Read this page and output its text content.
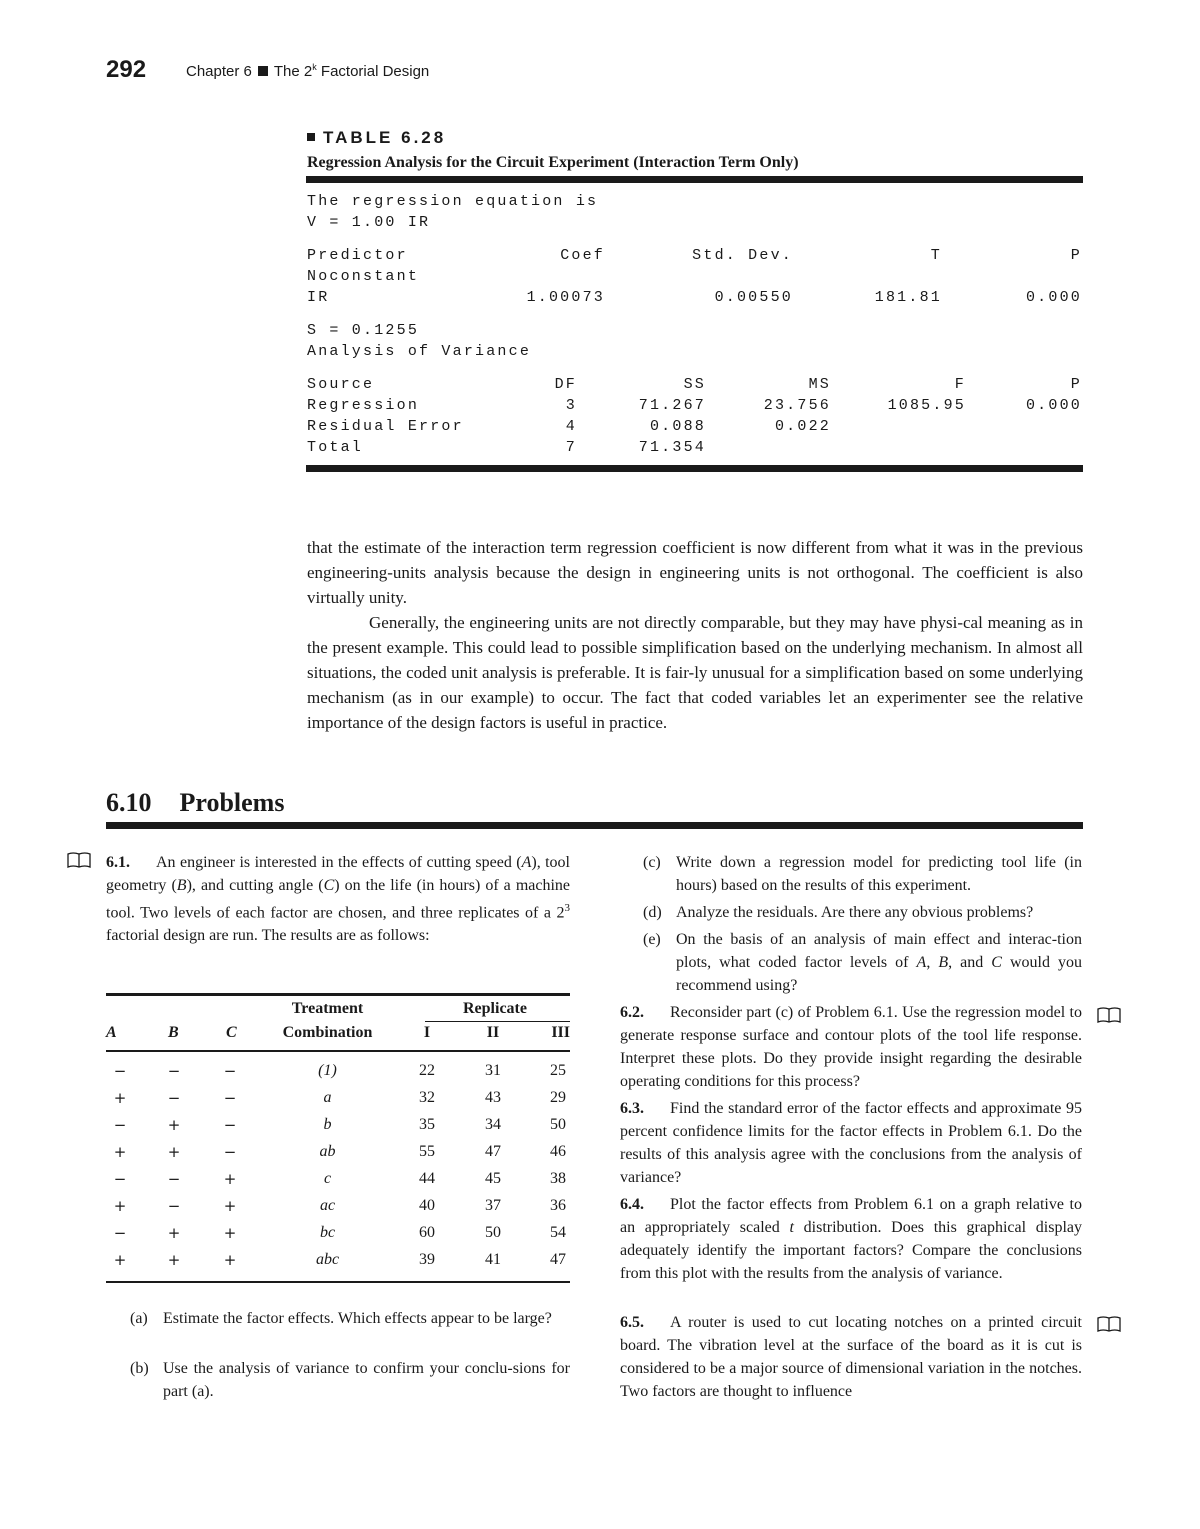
292	Chapter 6 The 2$^k$ Factorial Design
TABLE 6.28
Regression Analysis for the Circuit Experiment (Interaction Term Only)
The regression equation is
V = 1.00 IR
Predictor	Coef	Std. Dev.	T	P
Noconstant
IR	1.00073	0.00550	181.81	0.000
S = 0.1255
Analysis of Variance
Source	DF	SS	MS	F	P
Regression	3	71.267	23.756	1085.95	0.000
Residual Error	4	0.088	0.022
Total	7	71.354
that the estimate of the interaction term regression coefficient is now different from what it was in the previous engineering-units analysis because the design in engineering units is not orthogonal. The coefficient is also virtually unity.
Generally, the engineering units are not directly comparable, but they may have physi-cal meaning as in the present example. This could lead to possible simplification based on the underlying mechanism. In almost all situations, the coded unit analysis is preferable. It is fair-ly unusual for a simplification based on some underlying mechanism (as in our example) to occur. The fact that coded variables let an experimenter see the relative importance of the design factors is useful in practice.
6.10 Problems
6.1. An engineer is interested in the effects of cutting speed (A), tool geometry (B), and cutting angle (C) on the life (in hours) of a machine tool. Two levels of each factor are chosen, and three replicates of a $2^3$ factorial design are run. The results are as follows:
Treatment	Replicate
A	B	C	Combination	I	II	III
−	−	−	(1)	22	31	25
+	−	−	a	32	43	29
−	+	−	b	35	34	50
+	+	−	ab	55	47	46
−	−	+	c	44	45	38
+	−	+	ac	40	37	36
−	+	+	bc	60	50	54
+	+	+	abc	39	41	47
(a) Estimate the factor effects. Which effects appear to be large?
(b) Use the analysis of variance to confirm your conclu-sions for part (a).
(c) Write down a regression model for predicting tool life (in hours) based on the results of this experiment.
(d) Analyze the residuals. Are there any obvious problems?
(e) On the basis of an analysis of main effect and interac-tion plots, what coded factor levels of A, B, and C would you recommend using?
6.2. Reconsider part (c) of Problem 6.1. Use the regression model to generate response surface and contour plots of the tool life response. Interpret these plots. Do they provide insight regarding the desirable operating conditions for this process?
6.3. Find the standard error of the factor effects and approximate 95 percent confidence limits for the factor effects in Problem 6.1. Do the results of this analysis agree with the conclusions from the analysis of variance?
6.4. Plot the factor effects from Problem 6.1 on a graph relative to an appropriately scaled t distribution. Does this graphical display adequately identify the important factors? Compare the conclusions from this plot with the results from the analysis of variance.
6.5. A router is used to cut locating notches on a printed circuit board. The vibration level at the surface of the board as it is cut is considered to be a major source of dimensional variation in the notches. Two factors are thought to influence
